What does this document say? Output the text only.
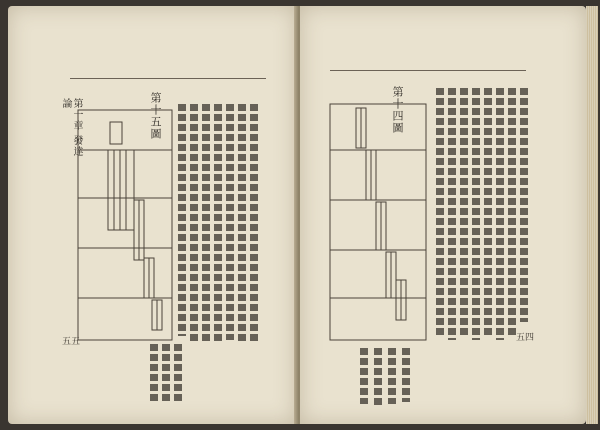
第一章 發達論	第十五圖
五五
第十四圖
五四
